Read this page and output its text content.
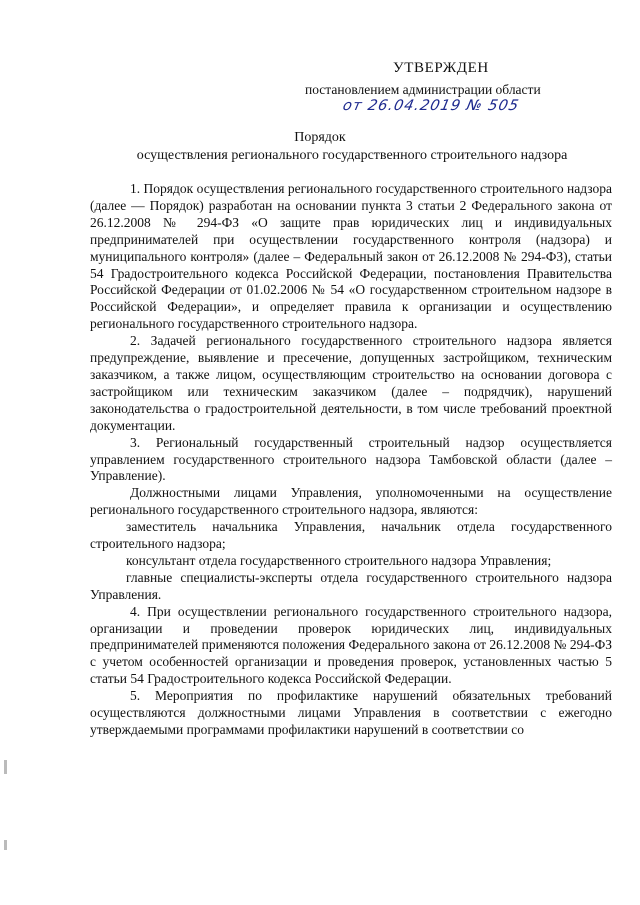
УТВЕРЖДЕН
постановлением администрации области
от 26.04.2019 № 505
Порядок
осуществления регионального государственного строительного надзора

1. Порядок осуществления регионального государственного строительного надзора (далее — Порядок) разработан на основании пункта 3 статьи 2 Федерального закона от 26.12.2008 № 294-ФЗ «О защите прав юридических лиц и индивидуальных предпринимателей при осуществлении государственного контроля (надзора) и муниципального контроля» (далее – Федеральный закон от 26.12.2008 № 294-ФЗ), статьи 54 Градостроительного кодекса Российской Федерации, постановления Правительства Российской Федерации от 01.02.2006 № 54 «О государственном строительном надзоре в Российской Федерации», и определяет правила к организации и осуществлению регионального государственного строительного надзора.

2. Задачей регионального государственного строительного надзора является предупреждение, выявление и пресечение, допущенных застройщиком, техническим заказчиком, а также лицом, осуществляющим строительство на основании договора с застройщиком или техническим заказчиком (далее – подрядчик), нарушений законодательства о градостроительной деятельности, в том числе требований проектной документации.

3. Региональный государственный строительный надзор осуществляется управлением государственного строительного надзора Тамбовской области (далее – Управление).

Должностными лицами Управления, уполномоченными на осуществление регионального государственного строительного надзора, являются:

заместитель начальника Управления, начальник отдела государственного строительного надзора;

консультант отдела государственного строительного надзора Управления;

главные специалисты-эксперты отдела государственного строительного надзора Управления.

4. При осуществлении регионального государственного строительного надзора, организации и проведении проверок юридических лиц, индивидуальных предпринимателей применяются положения Федерального закона от 26.12.2008 № 294-ФЗ с учетом особенностей организации и проведения проверок, установленных частью 5 статьи 54 Градостроительного кодекса Российской Федерации.

5. Мероприятия по профилактике нарушений обязательных требований осуществляются должностными лицами Управления в соответствии с ежегодно утверждаемыми программами профилактики нарушений в соответствии со
